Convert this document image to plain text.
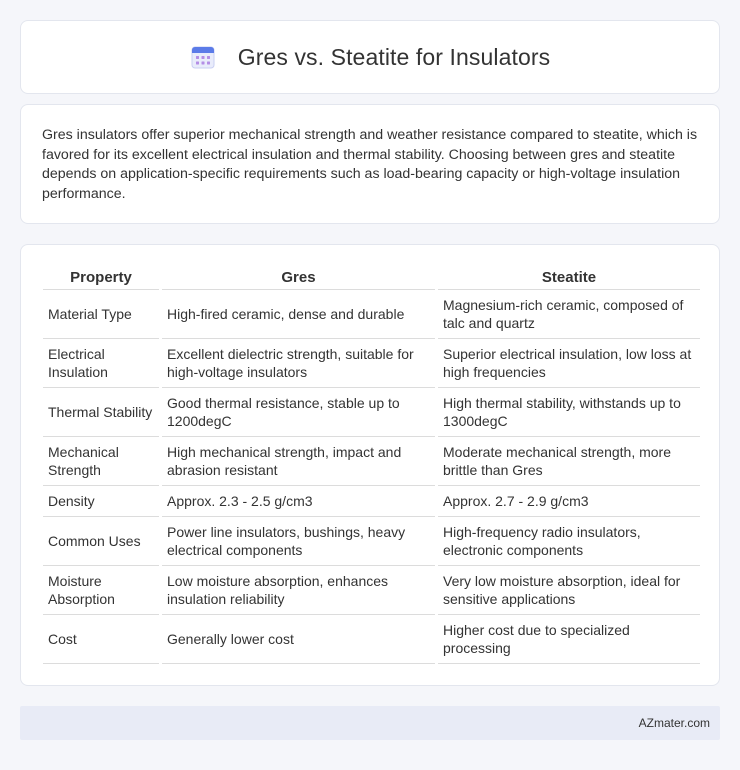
Gres vs. Steatite for Insulators

Gres insulators offer superior mechanical strength and weather resistance compared to steatite, which is favored for its excellent electrical insulation and thermal stability. Choosing between gres and steatite depends on application-specific requirements such as load-bearing capacity or high-voltage insulation performance.

Property	Gres	Steatite
Material Type	High-fired ceramic, dense and durable	Magnesium-rich ceramic, composed of talc and quartz
Electrical Insulation	Excellent dielectric strength, suitable for high-voltage insulators	Superior electrical insulation, low loss at high frequencies
Thermal Stability	Good thermal resistance, stable up to 1200degC	High thermal stability, withstands up to 1300degC
Mechanical Strength	High mechanical strength, impact and abrasion resistant	Moderate mechanical strength, more brittle than Gres
Density	Approx. 2.3 - 2.5 g/cm3	Approx. 2.7 - 2.9 g/cm3
Common Uses	Power line insulators, bushings, heavy electrical components	High-frequency radio insulators, electronic components
Moisture Absorption	Low moisture absorption, enhances insulation reliability	Very low moisture absorption, ideal for sensitive applications
Cost	Generally lower cost	Higher cost due to specialized processing
AZmater.com
